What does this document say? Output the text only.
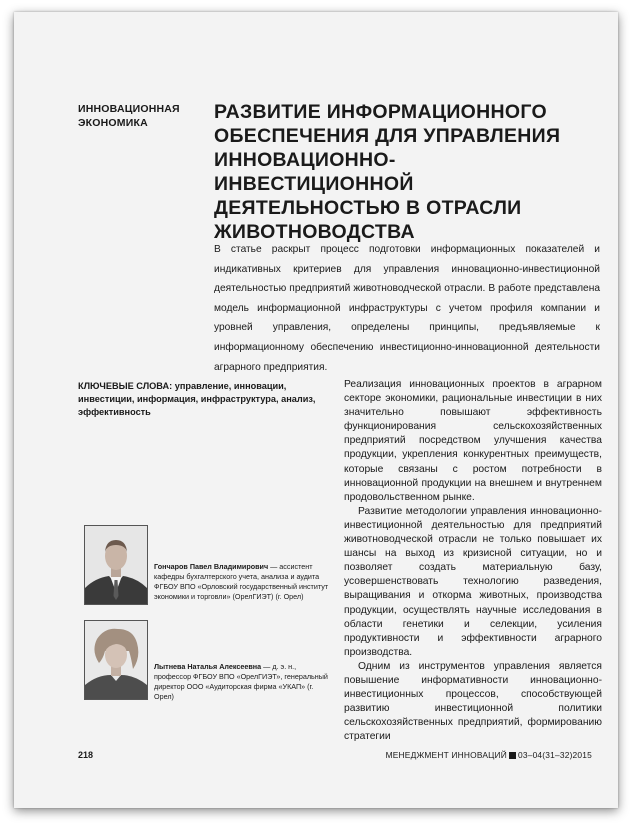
ИННОВАЦИОННАЯ
ЭКОНОМИКА	РАЗВИТИЕ ИНФОРМАЦИОННОГО
ОБЕСПЕЧЕНИЯ ДЛЯ УПРАВЛЕНИЯ
ИННОВАЦИОННО-ИНВЕСТИЦИОННОЙ
ДЕЯТЕЛЬНОСТЬЮ В ОТРАСЛИ
ЖИВОТНОВОДСТВА

В статье раскрыт процесс подготовки информационных показателей и индикативных критериев для управления инновационно-инвестиционной деятельностью предприятий животноводческой отрасли. В работе представлена модель информационной инфраструктуры с учетом профиля компании и уровней управления, определены принципы, предъявляемые к информационному обеспечению инвестиционно-инновационной деятельности аграрного предприятия.

КЛЮЧЕВЫЕ СЛОВА: управление, инновации, инвестиции, информация, инфраструктура, анализ, эффективность

Реализация инновационных проектов в аграрном секторе экономики, рациональные инвестиции в них значительно повышают эффективность функционирования сельскохозяйственных предприятий посредством улучшения качества продукции, укрепления конкурентных преимуществ, которые связаны с ростом потребности в инновационной продукции на внешнем и внутреннем продовольственном рынке.

Развитие методологии управления инновационно-инвестиционной деятельностью для предприятий животноводческой отрасли не только повышает их шансы на выход из кризисной ситуации, но и позволяет создать материальную базу, усовершенствовать технологию разведения, выращивания и откорма животных, производства продукции, осуществлять научные исследования в области генетики и селекции, усиления продуктивности и эффективности аграрного производства.

Одним из инструментов управления является повышение информативности инновационно-инвестиционных процессов, способствующей развитию инвестиционной политики сельскохозяйственных предприятий, формированию стратегии

Гончаров Павел Владимирович — ассистент кафедры бухгалтерского учета, анализа и аудита ФГБОУ ВПО «Орловский государственный институт экономики и торговли» (ОрелГИЭТ) (г. Орел)

Лытнева Наталья Алексеевна — д. э. н., профессор ФГБОУ ВПО «ОрелГИЭТ», генеральный директор ООО «Аудиторская фирма «УКАП» (г. Орел)

218	МЕНЕДЖМЕНТ ИННОВАЦИЙ 03–04(31–32)2015
